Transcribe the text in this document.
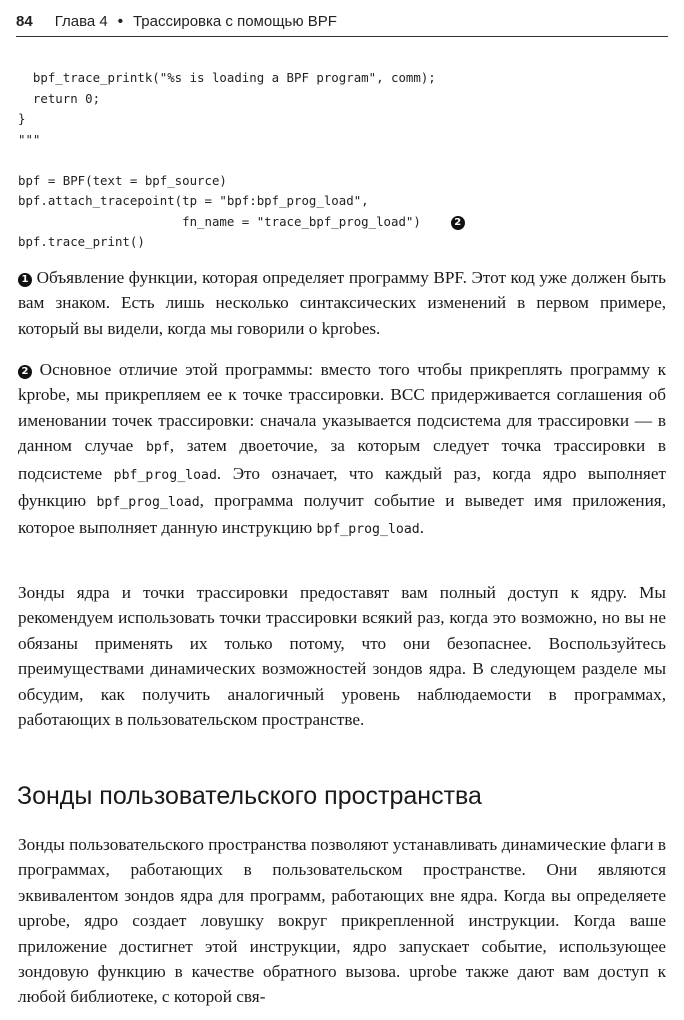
84 Глава 4 • Трассировка с помощью BPF
bpf_trace_printk("%s is loading a BPF program", comm);
return 0;
}
"""

bpf = BPF(text = bpf_source)
bpf.attach_tracepoint(tp = "bpf:bpf_prog_load",
fn_name = "trace_bpf_prog_load")	2
bpf.trace_print()

1 Объявление функции, которая определяет программу BPF. Этот код уже должен быть вам знаком. Есть лишь несколько синтаксических изменений в первом примере, который вы видели, когда мы говорили о kprobes.

2 Основное отличие этой программы: вместо того чтобы прикреплять программу к kprobe, мы прикрепляем ее к точке трассировки. BCC придерживается соглашения об именовании точек трассировки: сначала указывается подсистема для трассировки — в данном случае bpf, затем двоеточие, за которым следует точка трассировки в подсистеме pbf_prog_load. Это означает, что каждый раз, когда ядро выполняет функцию bpf_prog_load, программа получит событие и выведет имя приложения, которое выполняет данную инструкцию bpf_prog_load.

Зонды ядра и точки трассировки предоставят вам полный доступ к ядру. Мы рекомендуем использовать точки трассировки всякий раз, когда это возможно, но вы не обязаны применять их только потому, что они безопаснее. Воспользуйтесь преимуществами динамических возможностей зондов ядра. В следующем разделе мы обсудим, как получить аналогичный уровень наблюдаемости в программах, работающих в пользовательском пространстве.

Зонды пользовательского пространства

Зонды пользовательского пространства позволяют устанавливать динамические флаги в программах, работающих в пользовательском пространстве. Они являются эквивалентом зондов ядра для программ, работающих вне ядра. Когда вы определяете uprobe, ядро создает ловушку вокруг прикрепленной инструкции. Когда ваше приложение достигнет этой инструкции, ядро запускает событие, использующее зондовую функцию в качестве обратного вызова. uprobe также дают вам доступ к любой библиотеке, с которой свя-
